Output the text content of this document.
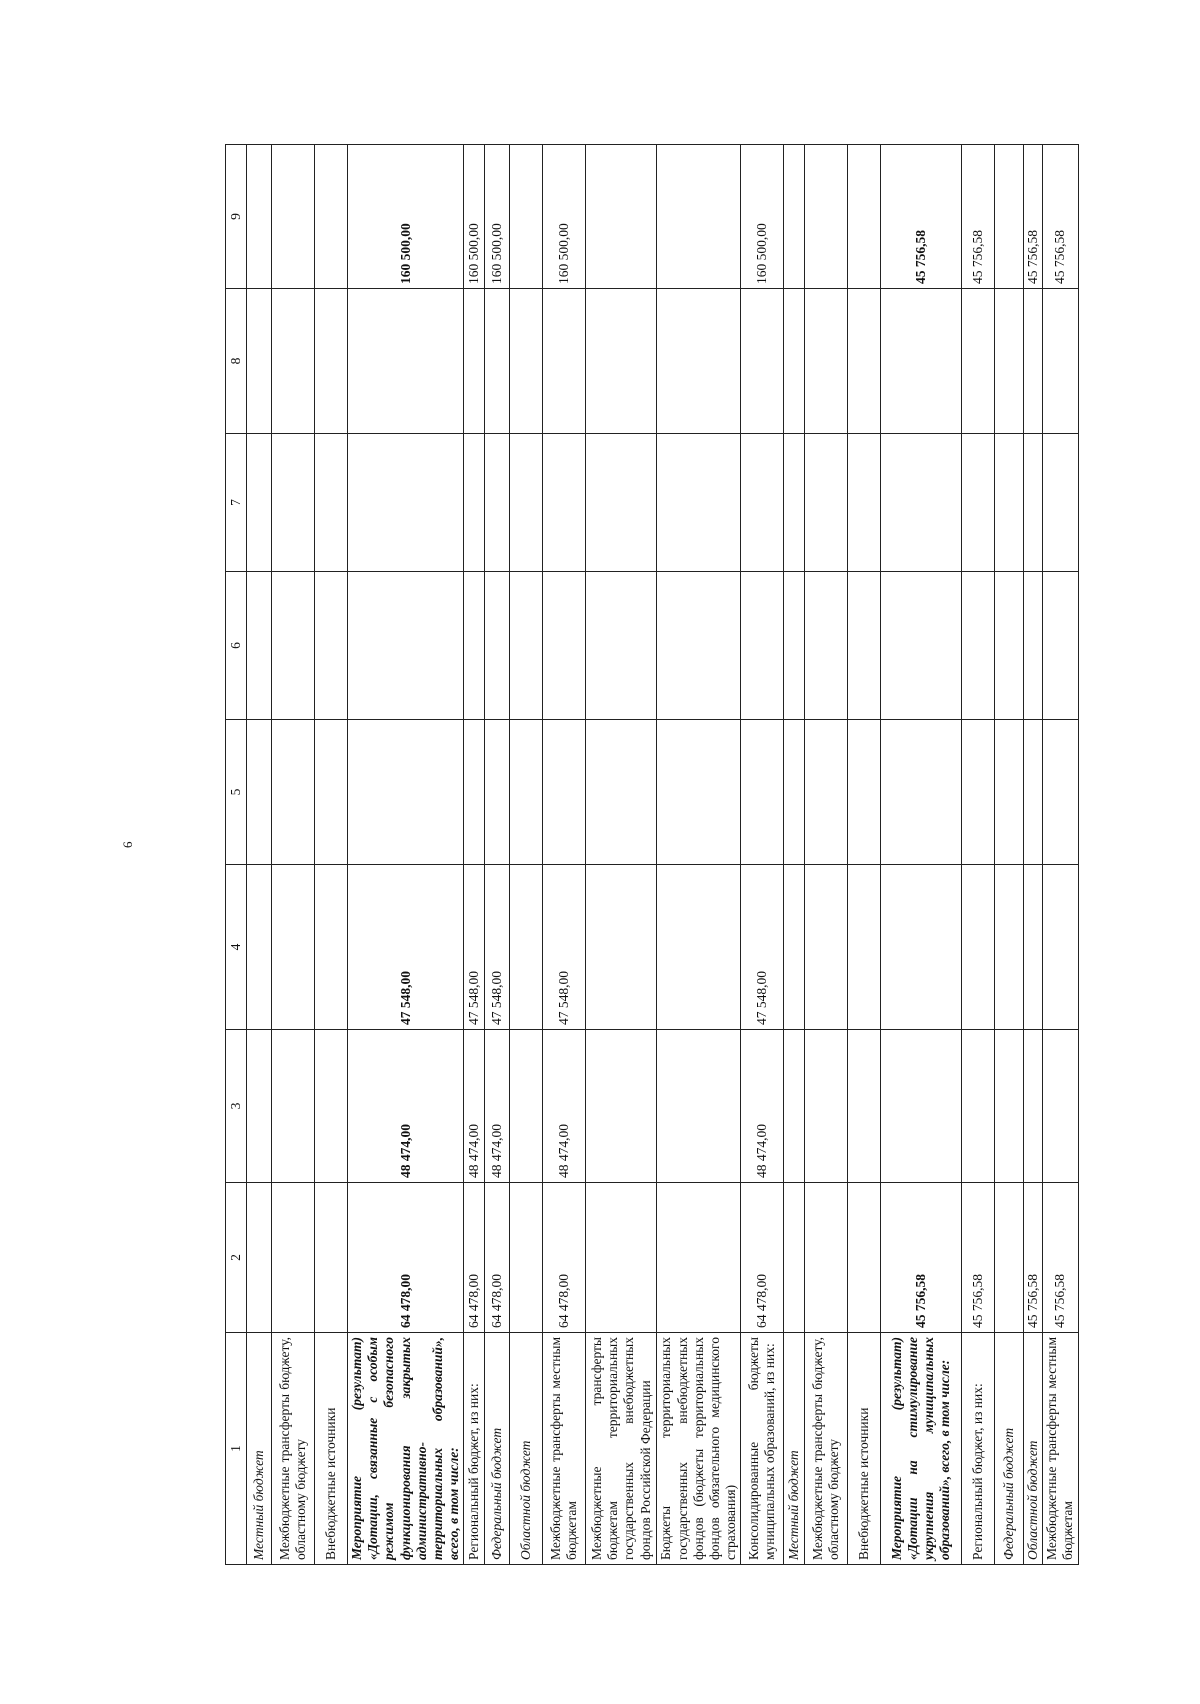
6
1	2	3	4	5	6	7	8	9
Местный бюджет								
Межбюджетные трансферты бюджету, областному бюджету								
Внебюджетные источники								
Мероприятие (результат) «Дотации, связанные с особым режимом безопасного функционирования закрытых административно-территориальных образований», всего, в том числе:	64 478,00	48 474,00	47 548,00					160 500,00
Региональный бюджет, из них:	64 478,00	48 474,00	47 548,00					160 500,00
Федеральный бюджет	64 478,00	48 474,00	47 548,00					160 500,00
Областной бюджет								
Межбюджетные трансферты местным бюджетам	64 478,00	48 474,00	47 548,00					160 500,00
Межбюджетные трансферты бюджетам территориальных государственных внебюджетных фондов Российской Федерации								
Бюджеты территориальных государственных внебюджетных фондов (бюджеты территориальных фондов обязательного медицинского страхования)								
Консолидированные бюджеты муниципальных образований, из них:	64 478,00	48 474,00	47 548,00					160 500,00
Местный бюджет								
Межбюджетные трансферты бюджету, областному бюджету								
Внебюджетные источники								
Мероприятие (результат) «Дотации на стимулирование укрупнения муниципальных образований», всего, в том числе:	45 756,58							45 756,58
Региональный бюджет, из них:	45 756,58							45 756,58
Федеральный бюджет								
Областной бюджет	45 756,58							45 756,58
Межбюджетные трансферты местным бюджетам	45 756,58							45 756,58
